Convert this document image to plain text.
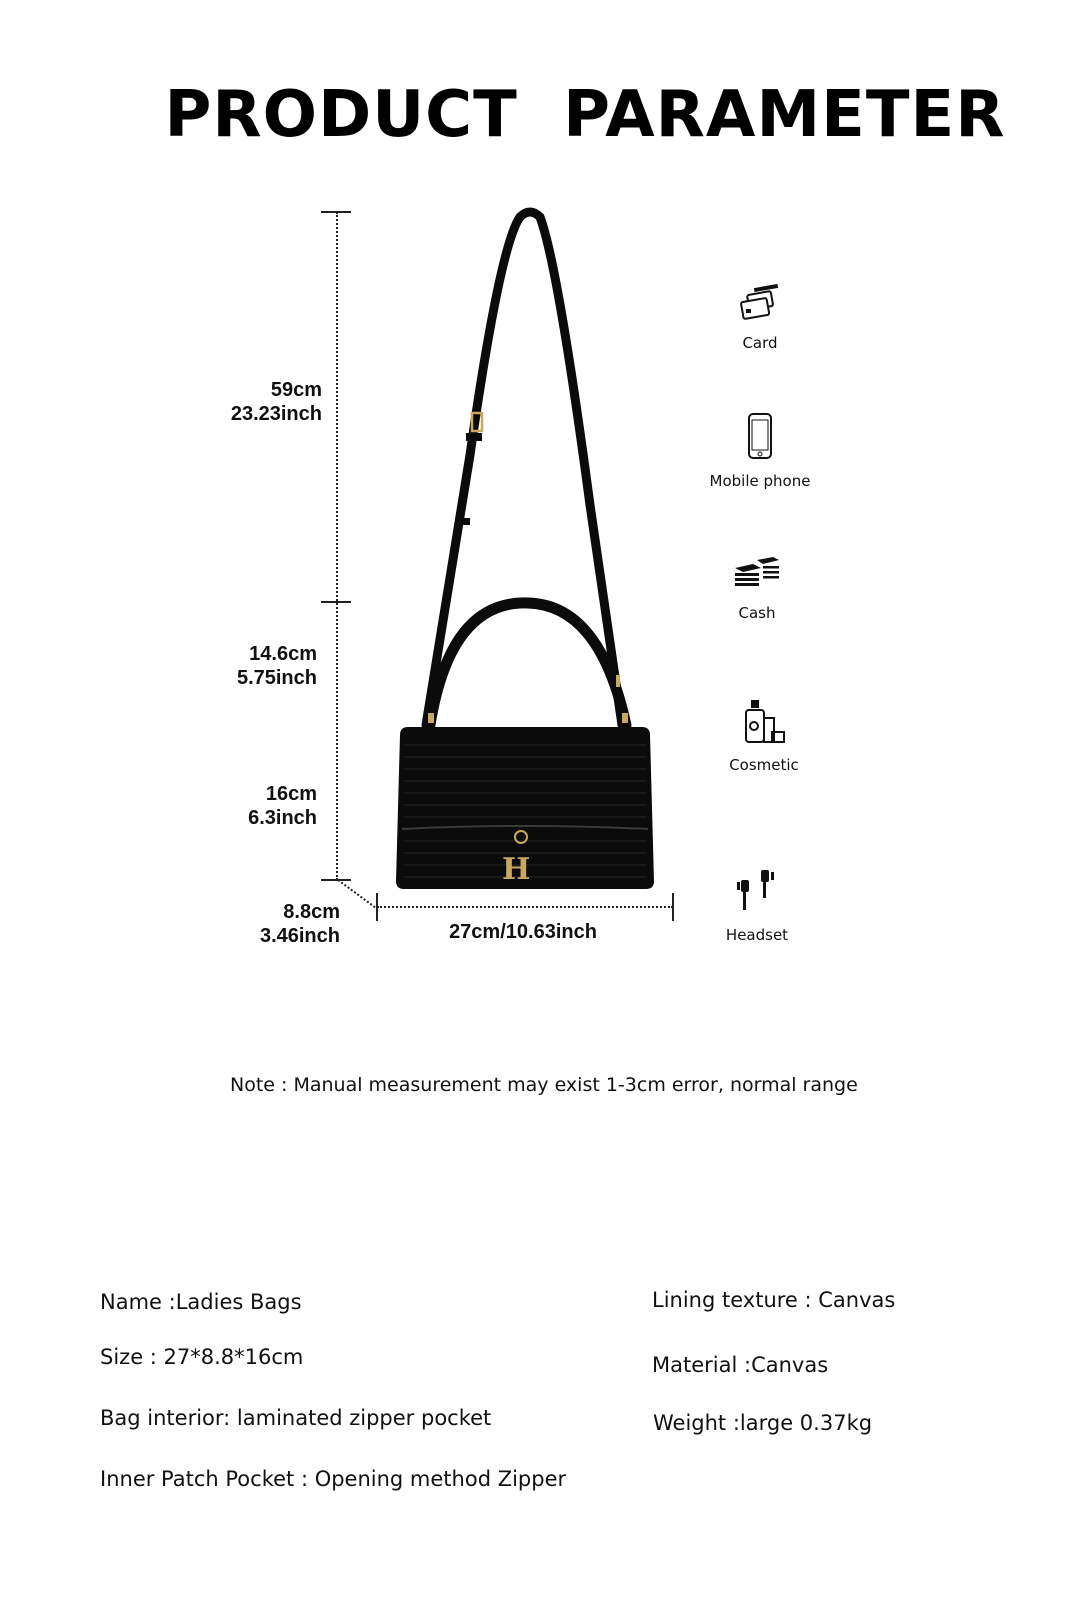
PRODUCT PARAMETER
59cm
23.23inch
14.6cm
5.75inch
16cm
6.3inch
8.8cm
3.46inch	27cm/10.63inch
H
Card
Mobile phone
Cash
Cosmetic
Headset
Note : Manual measurement may exist 1-3cm error, normal range
Name :Ladies Bags
Size : 27*8.8*16cm
Bag interior: laminated zipper pocket
Inner Patch Pocket : Opening method Zipper
Lining texture : Canvas
Material :Canvas
Weight :large 0.37kg
